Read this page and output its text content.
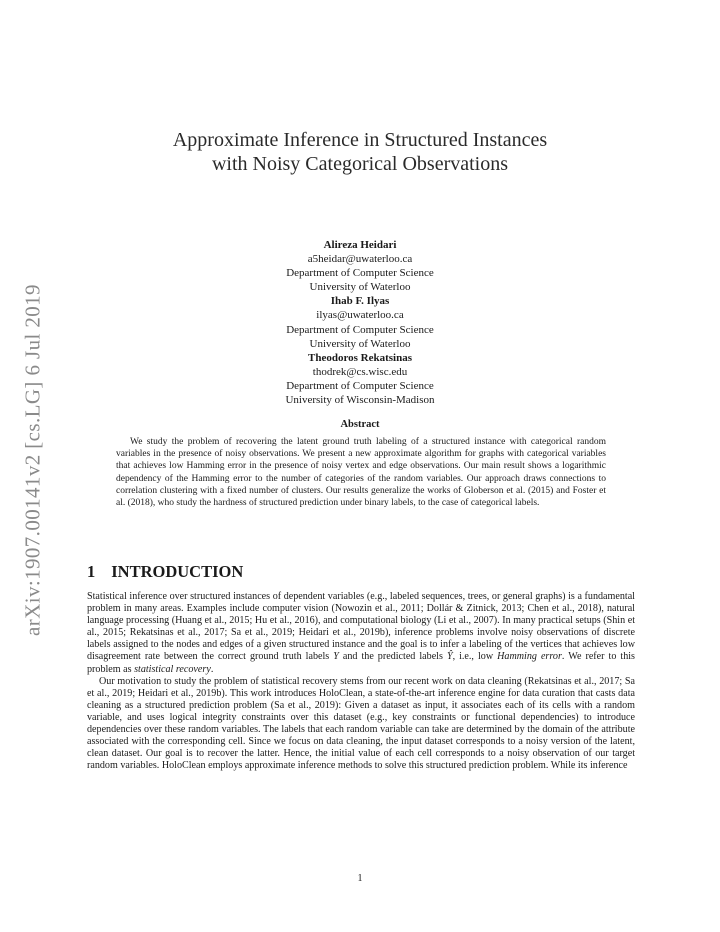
arXiv:1907.00141v2 [cs.LG] 6 Jul 2019
Approximate Inference in Structured Instances
with Noisy Categorical Observations
Alireza Heidari
a5heidar@uwaterloo.ca
Department of Computer Science
University of Waterloo
Ihab F. Ilyas
ilyas@uwaterloo.ca
Department of Computer Science
University of Waterloo
Theodoros Rekatsinas
thodrek@cs.wisc.edu
Department of Computer Science
University of Wisconsin-Madison
Abstract
We study the problem of recovering the latent ground truth labeling of a structured instance with categorical random variables in the presence of noisy observations. We present a new approximate algorithm for graphs with categorical variables that achieves low Hamming error in the presence of noisy vertex and edge observations. Our main result shows a logarithmic dependency of the Hamming error to the number of categories of the random variables. Our approach draws connections to correlation clustering with a fixed number of clusters. Our results generalize the works of Globerson et al. (2015) and Foster et al. (2018), who study the hardness of structured prediction under binary labels, to the case of categorical labels.
1 INTRODUCTION

Statistical inference over structured instances of dependent variables (e.g., labeled sequences, trees, or general graphs) is a fundamental problem in many areas. Examples include computer vision (Nowozin et al., 2011; Dollár & Zitnick, 2013; Chen et al., 2018), natural language processing (Huang et al., 2015; Hu et al., 2016), and computational biology (Li et al., 2007). In many practical setups (Shin et al., 2015; Rekatsinas et al., 2017; Sa et al., 2019; Heidari et al., 2019b), inference problems involve noisy observations of discrete labels assigned to the nodes and edges of a given structured instance and the goal is to infer a labeling of the vertices that achieves low disagreement rate between the correct ground truth labels Y and the predicted labels Ŷ, i.e., low Hamming error. We refer to this problem as statistical recovery.

Our motivation to study the problem of statistical recovery stems from our recent work on data cleaning (Rekatsinas et al., 2017; Sa et al., 2019; Heidari et al., 2019b). This work introduces HoloClean, a state-of-the-art inference engine for data curation that casts data cleaning as a structured prediction problem (Sa et al., 2019): Given a dataset as input, it associates each of its cells with a random variable, and uses logical integrity constraints over this dataset (e.g., key constraints or functional dependencies) to introduce dependencies over these random variables. The labels that each random variable can take are determined by the domain of the attribute associated with the corresponding cell. Since we focus on data cleaning, the input dataset corresponds to a noisy version of the latent, clean dataset. Our goal is to recover the latter. Hence, the initial value of each cell corresponds to a noisy observation of our target random variables. HoloClean employs approximate inference methods to solve this structured prediction problem. While its inference

1
